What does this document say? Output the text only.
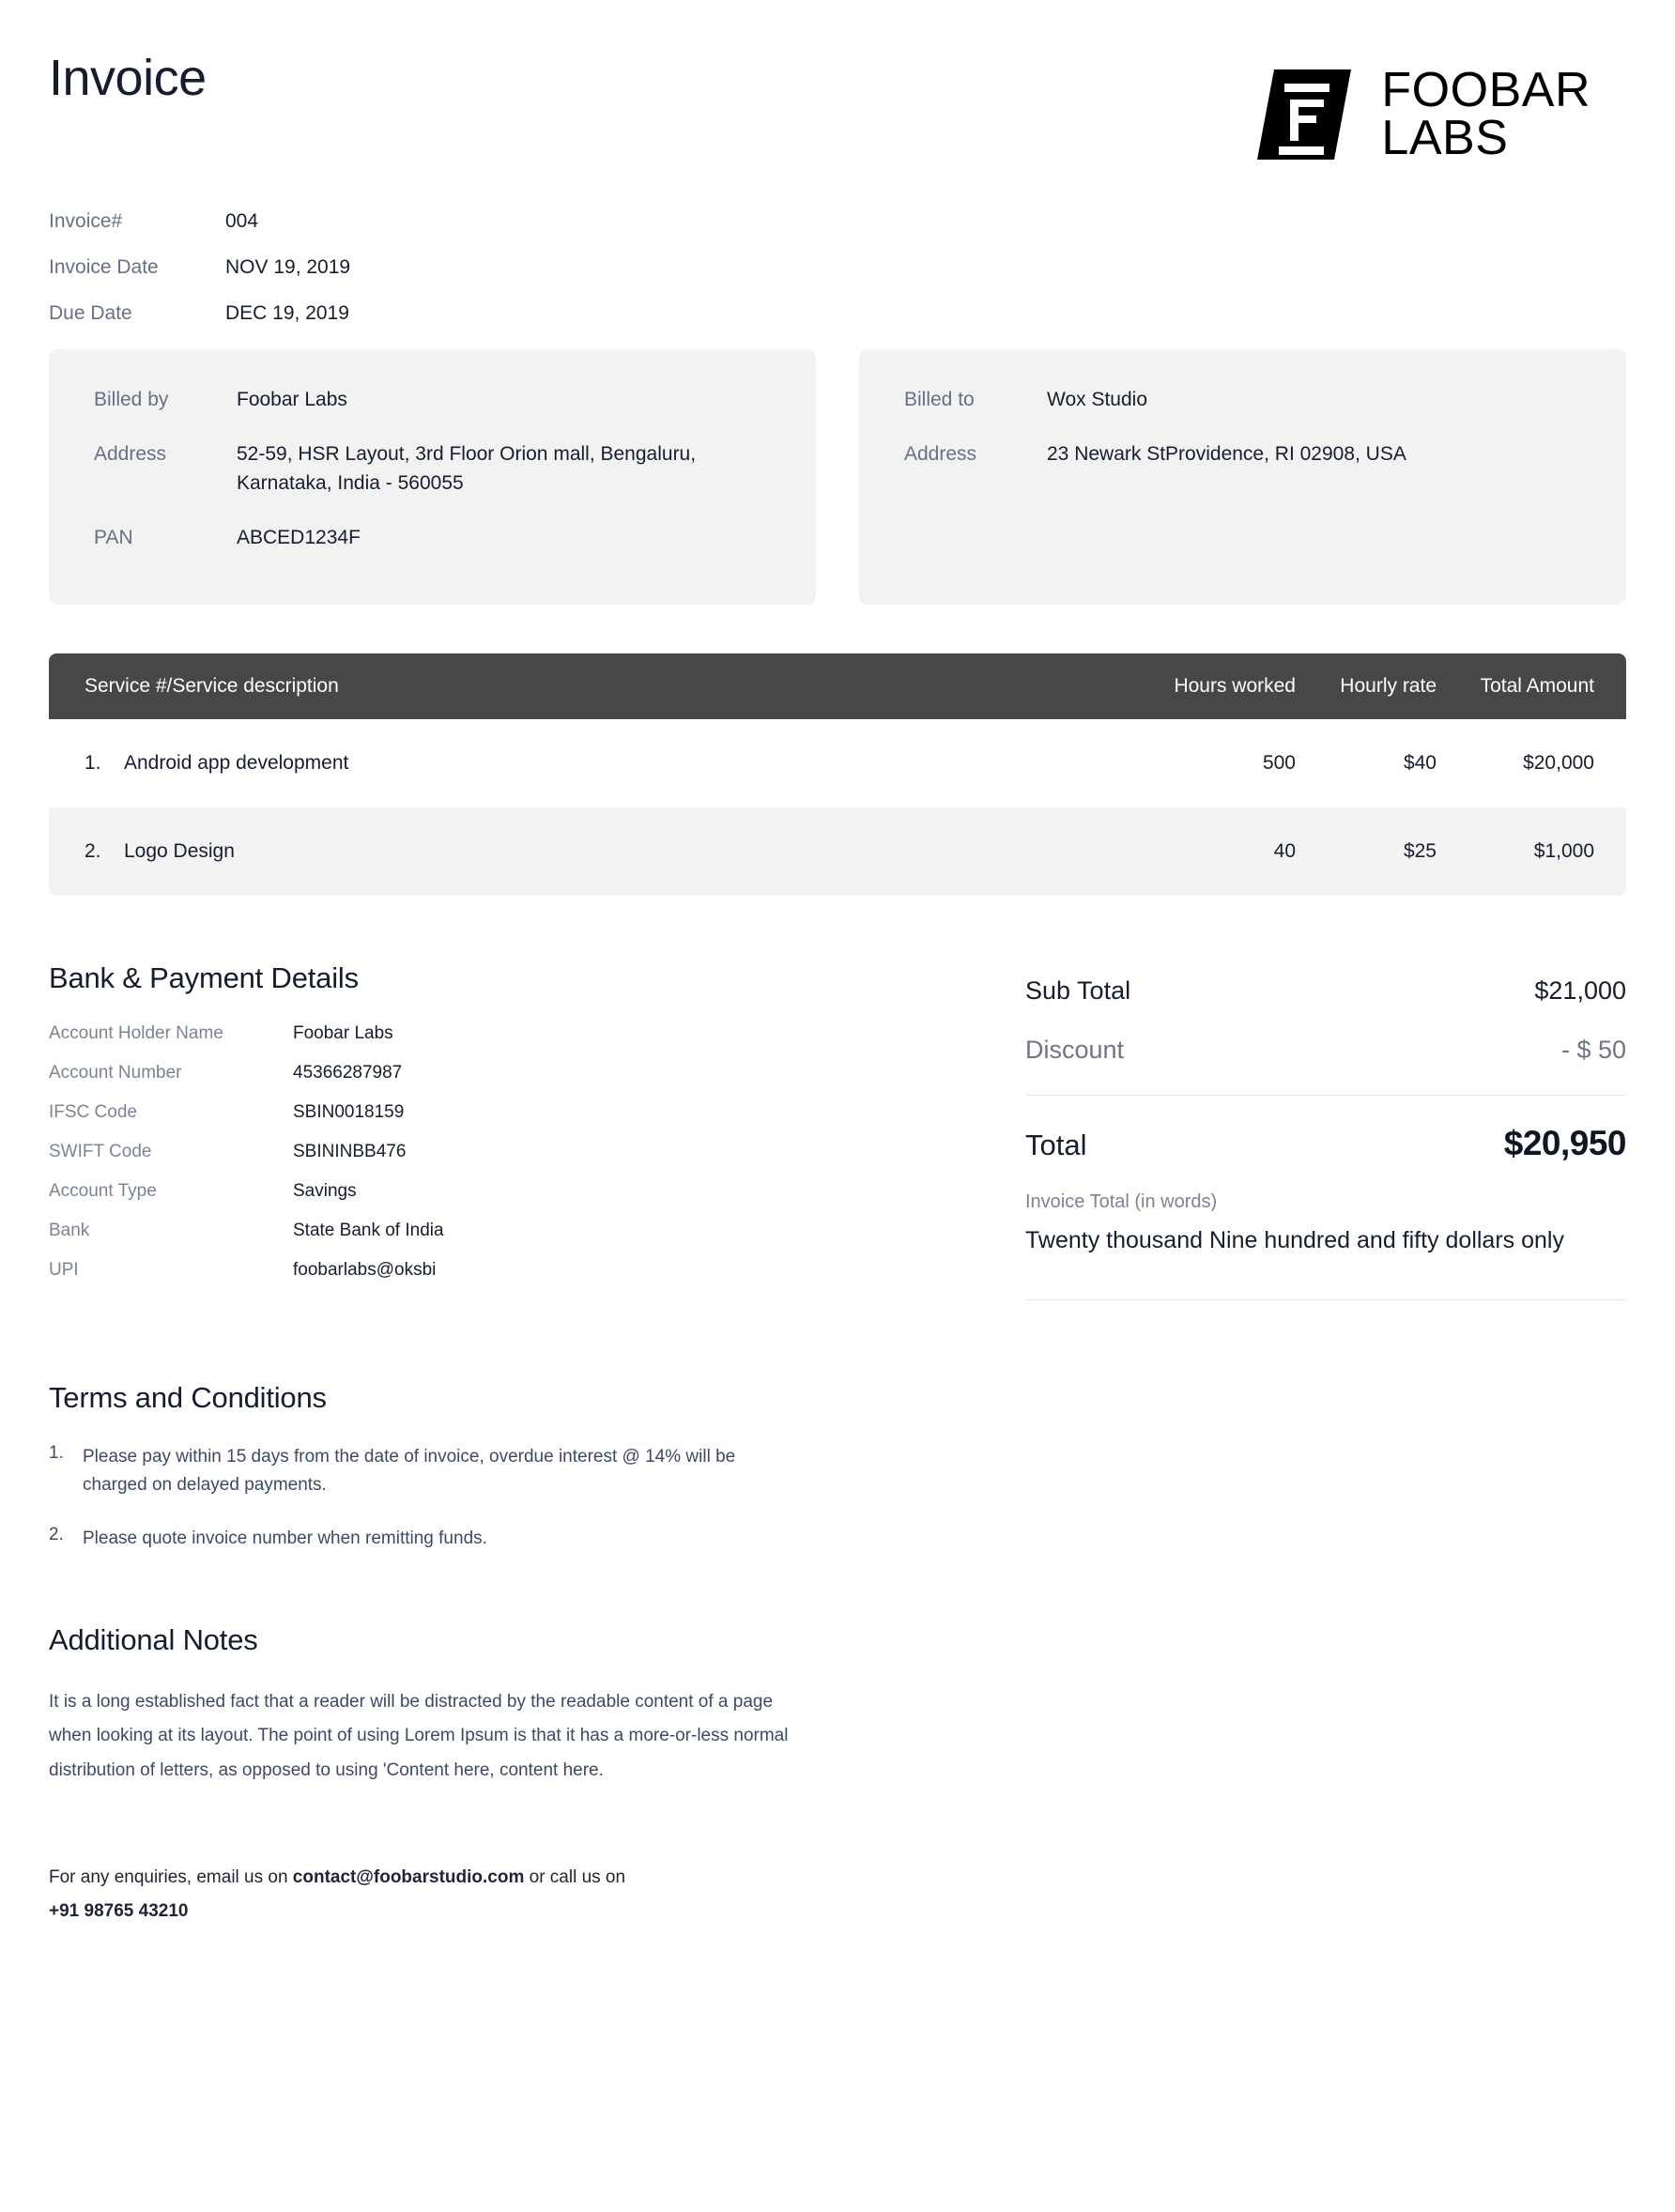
Invoice	FOOBAR
LABS
Invoice#	004
Invoice Date	NOV 19, 2019
Due Date	DEC 19, 2019
Billed by	Foobar Labs
Address	52-59, HSR Layout, 3rd Floor Orion mall, Bengaluru, Karnataka, India - 560055
PAN	ABCED1234F
Billed to	Wox Studio
Address	23 Newark StProvidence, RI 02908, USA
Service #/Service description	Hours worked	Hourly rate	Total Amount
1.	Android app development	500	$40	$20,000
2.	Logo Design	40	$25	$1,000
Bank & Payment Details
Account Holder Name	Foobar Labs
Account Number	45366287987
IFSC Code	SBIN0018159
SWIFT Code	SBININBB476
Account Type	Savings
Bank	State Bank of India
UPI	foobarlabs@oksbi
Sub Total	$21,000
Discount	- $ 50
Total	$20,950
Invoice Total (in words)
Twenty thousand Nine hundred and fifty dollars only
Terms and Conditions
1. Please pay within 15 days from the date of invoice, overdue interest @ 14% will be charged on delayed payments.
2. Please quote invoice number when remitting funds.
Additional Notes
It is a long established fact that a reader will be distracted by the readable content of a page when looking at its layout. The point of using Lorem Ipsum is that it has a more-or-less normal distribution of letters, as opposed to using 'Content here, content here.
For any enquiries, email us on contact@foobarstudio.com or call us on
+91 98765 43210
